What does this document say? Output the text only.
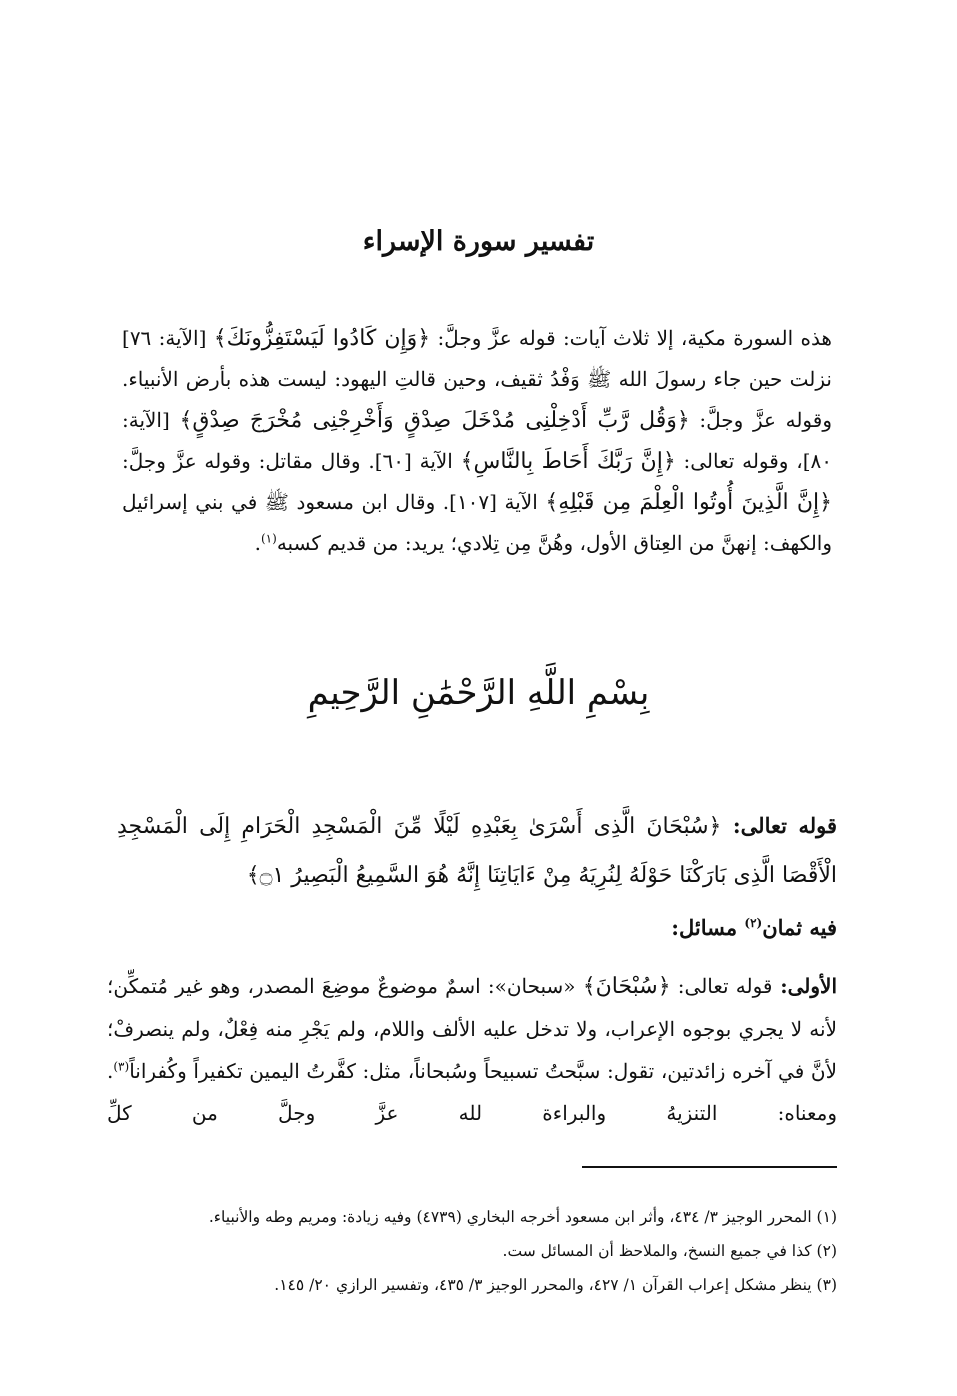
تفسير سورة الإسراء

هذه السورة مكية، إلا ثلاث آيات: قوله عزَّ وجلَّ: ﴿وَإِن كَادُوا لَيَسْتَفِزُّونَكَ﴾ [الآية: ٧٦] نزلت حين جاء رسولَ الله ﷺ وَفْدُ ثقيف، وحين قالتِ اليهود: ليست هذه بأرض الأنبياء. وقوله عزَّ وجلَّ: ﴿وَقُل رَّبِّ أَدْخِلْنِى مُدْخَلَ صِدْقٍ وَأَخْرِجْنِى مُخْرَجَ صِدْقٍ﴾ [الآية: ٨٠]، وقوله تعالى: ﴿إِنَّ رَبَّكَ أَحَاطَ بِالنَّاسِ﴾ الآية [٦٠]. وقال مقاتل: وقوله عزَّ وجلَّ: ﴿إِنَّ الَّذِينَ أُوتُوا الْعِلْمَ مِن قَبْلِهِ﴾ الآية [١٠٧]. وقال ابن مسعود ﷺ في بني إسرائيل والكهف: إنهنَّ من العِتاق الأول، وهُنَّ مِن تِلادي؛ يريد: من قديم كسبه$^{(١)}$.

بِسْمِ اللَّهِ الرَّحْمَٰنِ الرَّحِيمِ

قوله تعالى: ﴿سُبْحَانَ الَّذِى أَسْرَىٰ بِعَبْدِهِ لَيْلًا مِّنَ الْمَسْجِدِ الْحَرَامِ إِلَى الْمَسْجِدِ الْأَقْصَا الَّذِى بَارَكْنَا حَوْلَهُ لِنُرِيَهُ مِنْ ءَايَاتِنَا إِنَّهُ هُوَ السَّمِيعُ الْبَصِيرُ ۝١﴾

فيه ثمان$^{(٢)}$ مسائل:

الأولى: قوله تعالى: ﴿سُبْحَانَ﴾ «سبحان»: اسمٌ موضوعٌ موضِعَ المصدر، وهو غير مُتمكِّن؛ لأنه لا يجري بوجوه الإعراب، ولا تدخل عليه الألف واللام، ولم يَجْرِ منه فِعْلٌ، ولم ينصرفْ؛ لأنَّ في آخره زائدتين، تقول: سبَّحتُ تسبيحاً وسُبحاناً، مثل: كفَّرتُ اليمين تكفيراً وكُفراناً$^{(٣)}$. ومعناه: التنزيهُ والبراءة لله عزَّ وجلَّ من كلِّ

(١) المحرر الوجيز ٣/ ٤٣٤، وأثر ابن مسعود أخرجه البخاري (٤٧٣٩) وفيه زيادة: ومريم وطه والأنبياء.
(٢) كذا في جميع النسخ، والملاحظ أن المسائل ست.
(٣) ينظر مشكل إعراب القرآن ١/ ٤٢٧، والمحرر الوجيز ٣/ ٤٣٥، وتفسير الرازي ٢٠/ ١٤٥.
